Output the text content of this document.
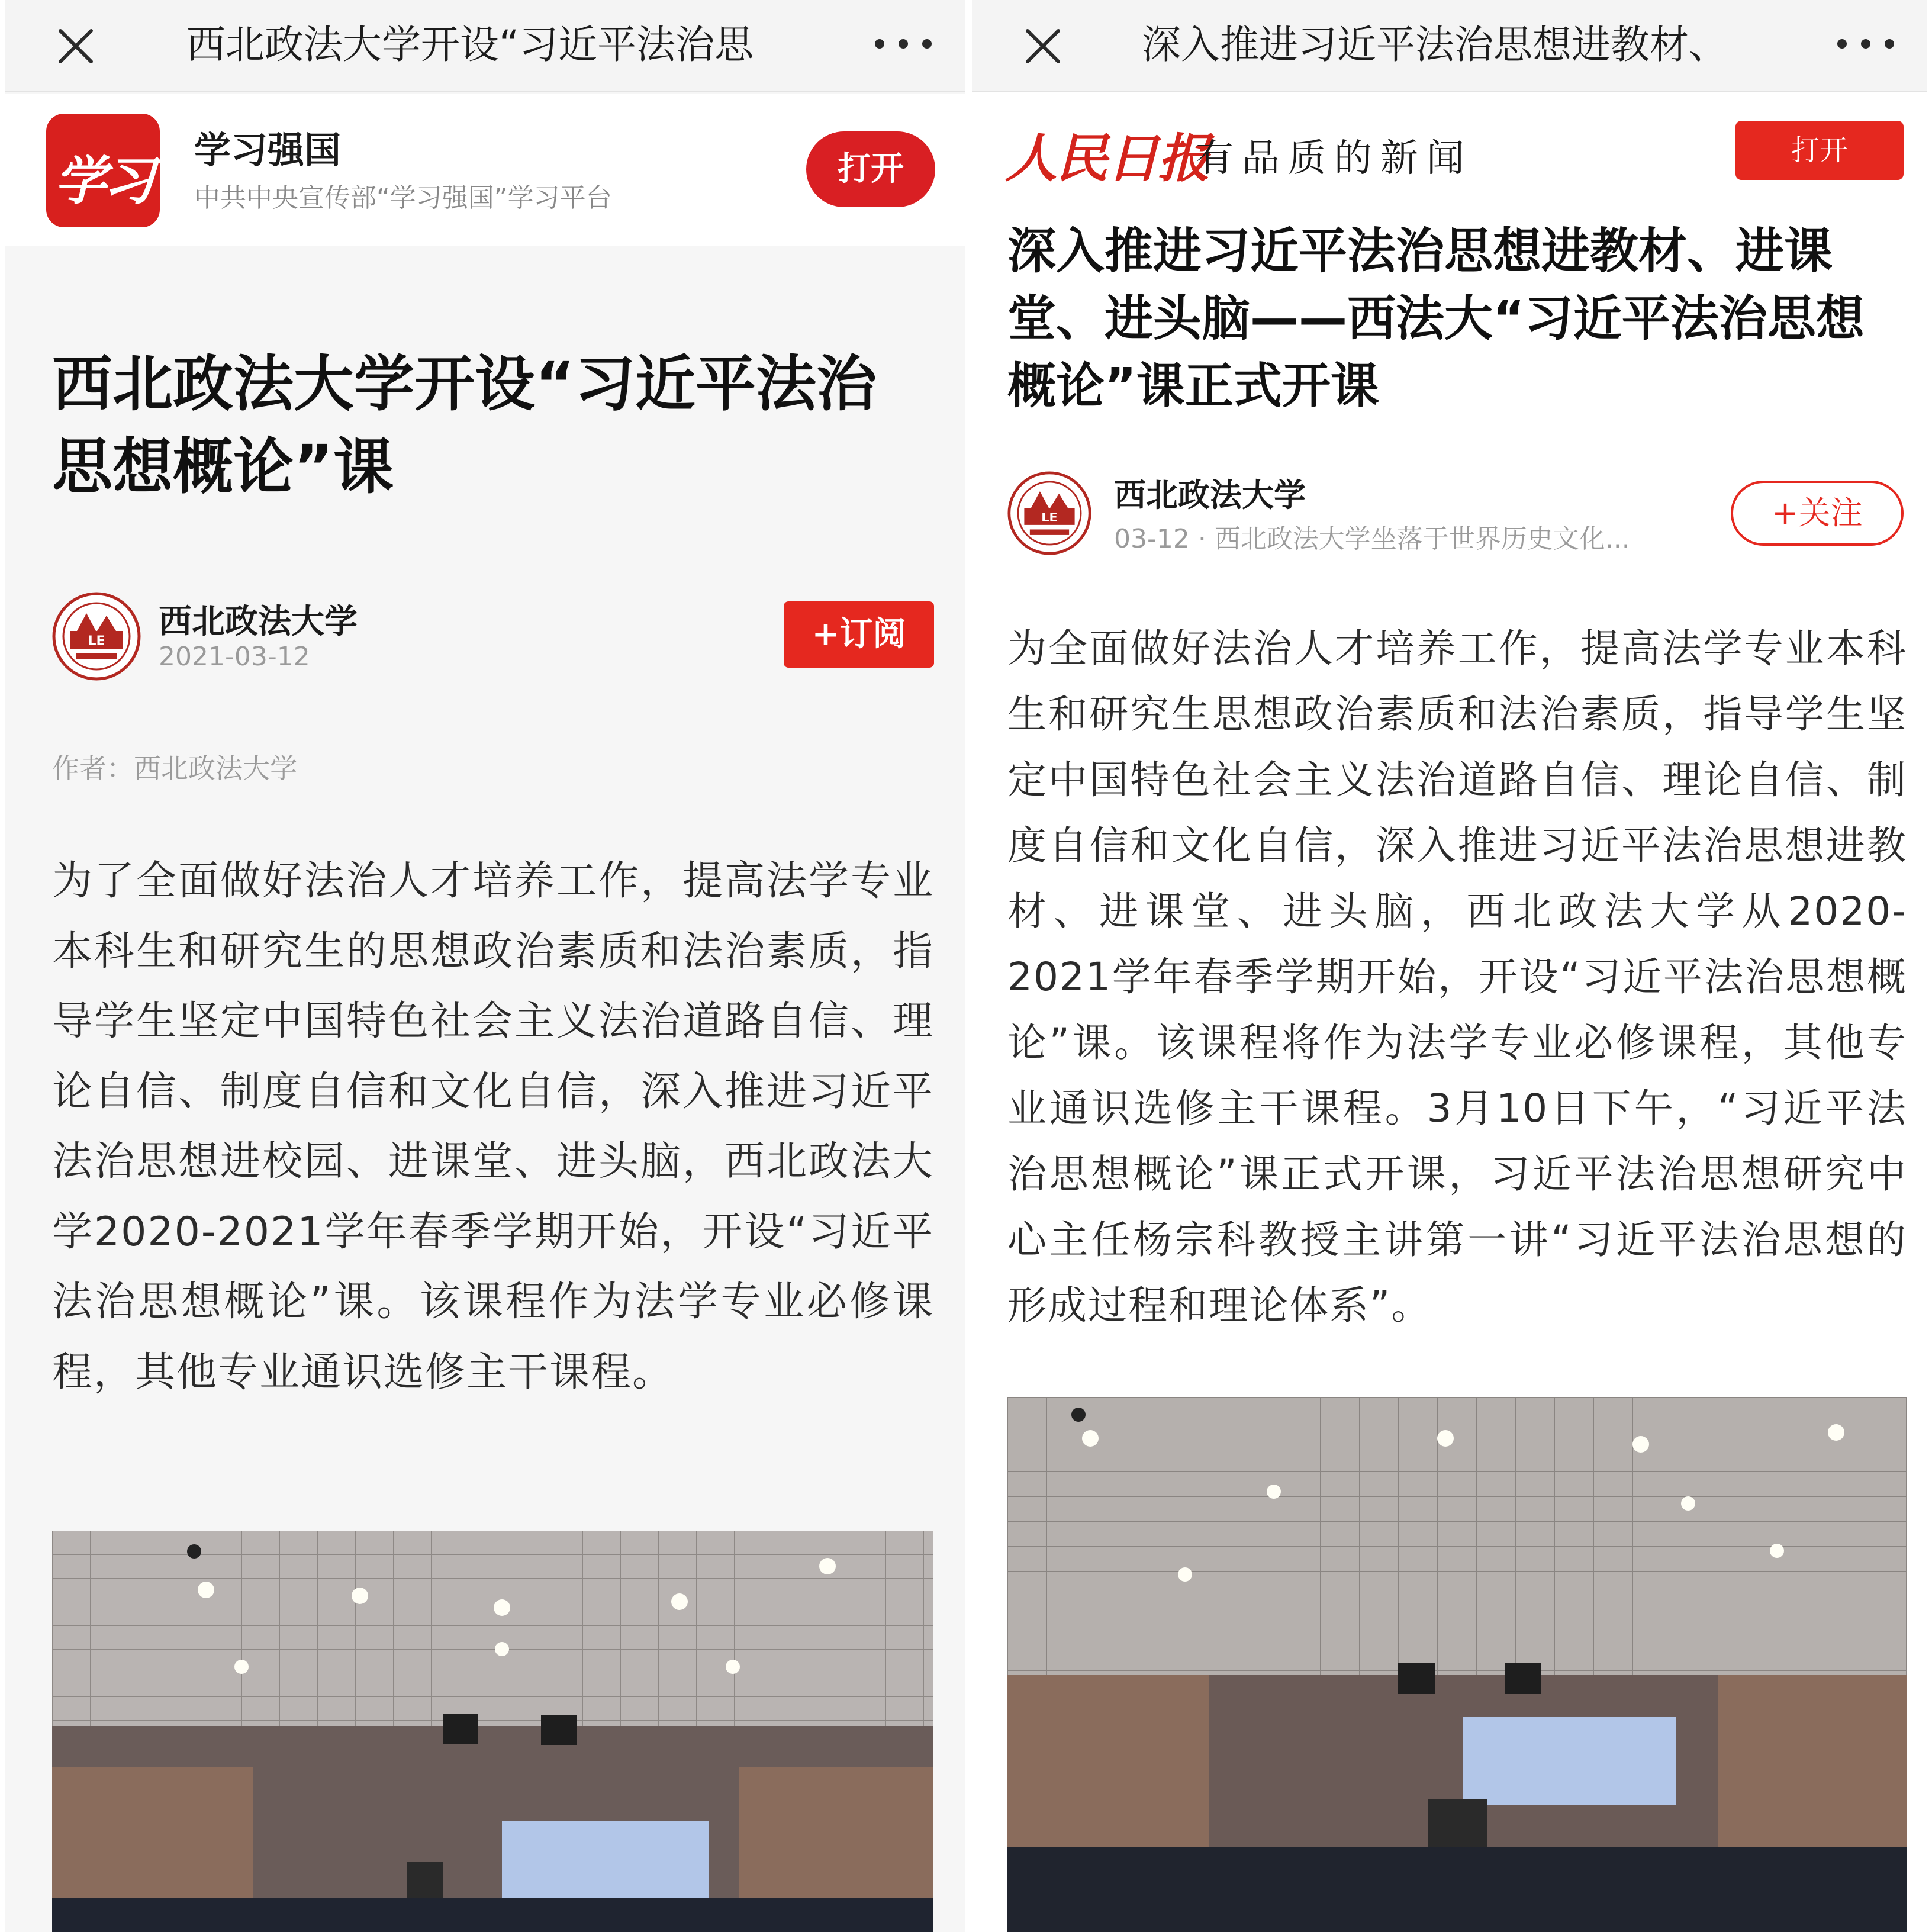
西北政法大学开设“习近平法治思
学习 学习强国
中共中央宣传部“学习强国”学习平台
打开
西北政法大学开设“习近平法治思想概论”课
LE
西北政法大学
2021-03-12
+订阅
作者：西北政法大学

为了全面做好法治人才培养工作，提高法学专业本科生和研究生的思想政治素质和法治素质，指导学生坚定中国特色社会主义法治道路自信、理论自信、制度自信和文化自信，深入推进习近平法治思想进校园、进课堂、进头脑，西北政法大学2020-2021学年春季学期开始，开设“习近平法治思想概论”课。该课程作为法学专业必修课程，其他专业通识选修主干课程。

深入推进习近平法治思想进教材、
人民日报
有品质的新闻	打开
深入推进习近平法治思想进教材、进课堂、进头脑——西法大“习近平法治思想概论”课正式开课
LE
西北政法大学
03-12 · 西北政法大学坐落于世界历史文化...
+关注

为全面做好法治人才培养工作，提高法学专业本科生和研究生思想政治素质和法治素质，指导学生坚定中国特色社会主义法治道路自信、理论自信、制度自信和文化自信，深入推进习近平法治思想进教材、进课堂、进头脑，西北政法大学从2020-2021学年春季学期开始，开设“习近平法治思想概论”课。该课程将作为法学专业必修课程，其他专业通识选修主干课程。3月10日下午，“习近平法治思想概论”课正式开课，习近平法治思想研究中心主任杨宗科教授主讲第一讲“习近平法治思想的形成过程和理论体系”。
